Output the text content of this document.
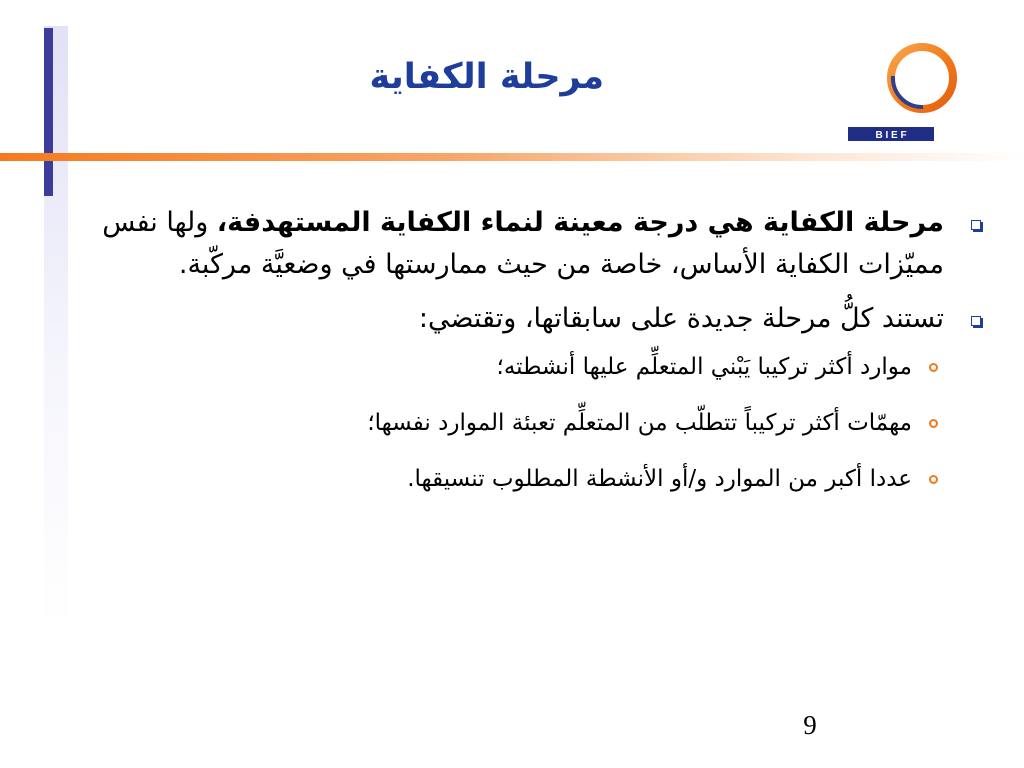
مرحلة الكفاية
B I E F
مرحلة الكفاية هي درجة معينة لنماء الكفاية المستهدفة، ولها نفس مميّزات الكفاية الأساس، خاصة من حيث ممارستها في وضعيَّة مركّبة.
تستند كلُّ مرحلة جديدة على سابقاتها، وتقتضي:
موارد أكثر تركيبا يَبْني المتعلِّم عليها أنشطته؛
مهمّات أكثر تركيباً تتطلّب من المتعلِّم تعبئة الموارد نفسها؛
عددا أكبر من الموارد و/أو الأنشطة المطلوب تنسيقها.
9
